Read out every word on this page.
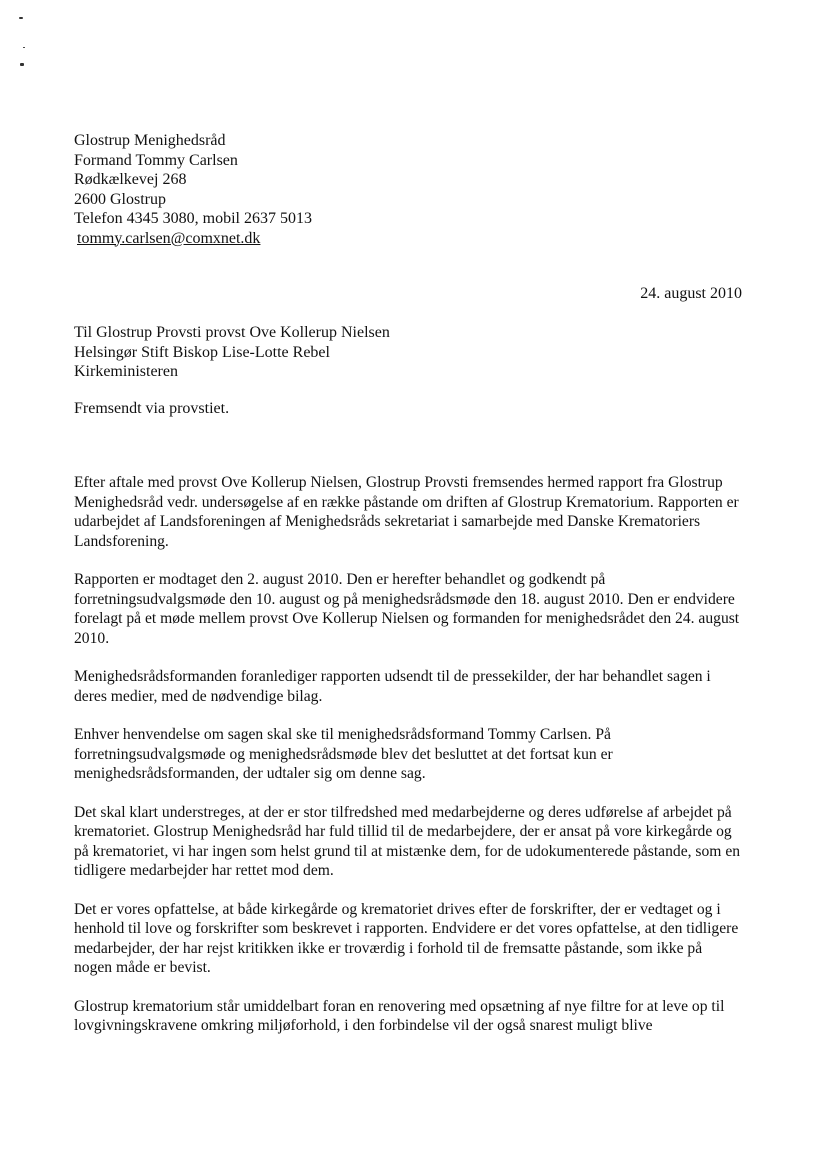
Glostrup Menighedsråd
Formand Tommy Carlsen
Rødkælkevej 268
2600 Glostrup
Telefon 4345 3080, mobil 2637 5013
tommy.carlsen@comxnet.dk
24. august 2010
Til Glostrup Provsti provst Ove Kollerup Nielsen
Helsingør Stift Biskop Lise-Lotte Rebel
Kirkeministeren
Fremsendt via provstiet.

Efter aftale med provst Ove Kollerup Nielsen, Glostrup Provsti fremsendes hermed rapport fra Glostrup Menighedsråd vedr. undersøgelse af en række påstande om driften af Glostrup Krematorium. Rapporten er udarbejdet af Landsforeningen af Menighedsråds sekretariat i samarbejde med Danske Krematoriers Landsforening.

Rapporten er modtaget den 2. august 2010. Den er herefter behandlet og godkendt på forretningsudvalgsmøde den 10. august og på menighedsrådsmøde den 18. august 2010. Den er endvidere forelagt på et møde mellem provst Ove Kollerup Nielsen og formanden for menighedsrådet den 24. august 2010.

Menighedsrådsformanden foranlediger rapporten udsendt til de pressekilder, der har behandlet sagen i deres medier, med de nødvendige bilag.

Enhver henvendelse om sagen skal ske til menighedsrådsformand Tommy Carlsen. På forretningsudvalgsmøde og menighedsrådsmøde blev det besluttet at det fortsat kun er menighedsrådsformanden, der udtaler sig om denne sag.

Det skal klart understreges, at der er stor tilfredshed med medarbejderne og deres udførelse af arbejdet på krematoriet. Glostrup Menighedsråd har fuld tillid til de medarbejdere, der er ansat på vore kirkegårde og på krematoriet, vi har ingen som helst grund til at mistænke dem, for de udokumenterede påstande, som en tidligere medarbejder har rettet mod dem.

Det er vores opfattelse, at både kirkegårde og krematoriet drives efter de forskrifter, der er vedtaget og i henhold til love og forskrifter som beskrevet i rapporten. Endvidere er det vores opfattelse, at den tidligere medarbejder, der har rejst kritikken ikke er troværdig i forhold til de fremsatte påstande, som ikke på nogen måde er bevist.

Glostrup krematorium står umiddelbart foran en renovering med opsætning af nye filtre for at leve op til lovgivningskravene omkring miljøforhold, i den forbindelse vil der også snarest muligt blive
